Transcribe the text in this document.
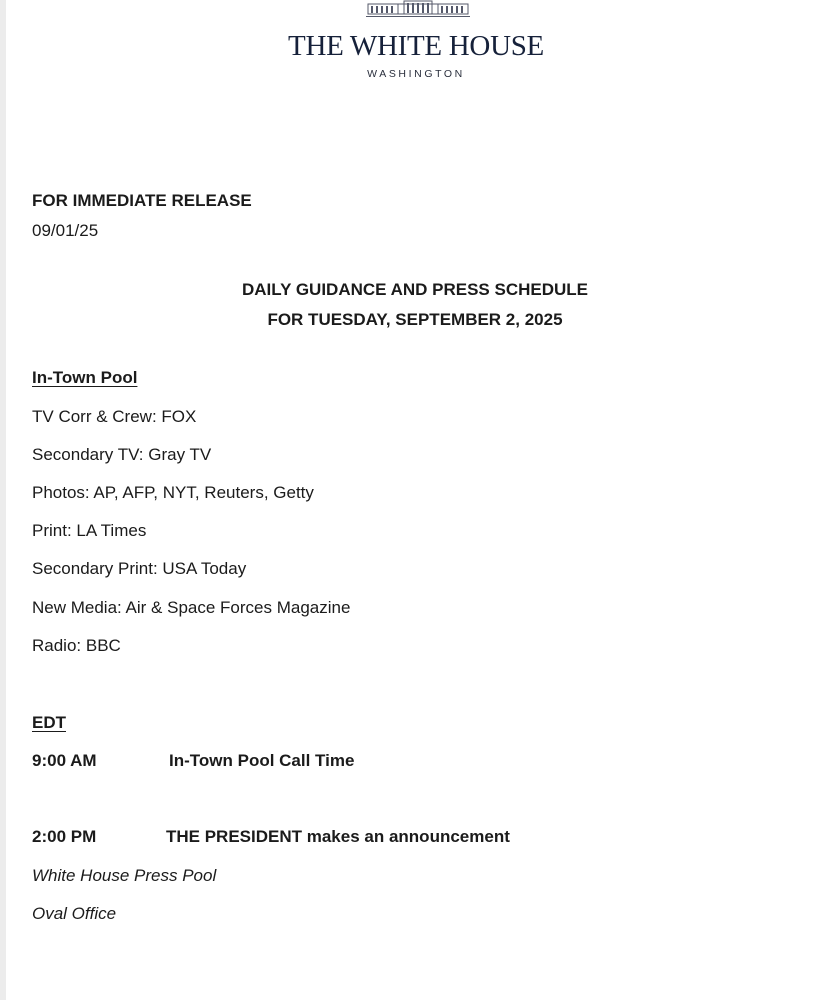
THE WHITE HOUSE
WASHINGTON
FOR IMMEDIATE RELEASE
09/01/25
DAILY GUIDANCE AND PRESS SCHEDULE
FOR TUESDAY, SEPTEMBER 2, 2025
In-Town Pool
TV Corr & Crew: FOX
Secondary TV: Gray TV
Photos: AP, AFP, NYT, Reuters, Getty
Print: LA Times
Secondary Print: USA Today
New Media: Air & Space Forces Magazine
Radio: BBC
EDT
9:00 AM	In-Town Pool Call Time
2:00 PM	THE PRESIDENT makes an announcement
White House Press Pool
Oval Office
